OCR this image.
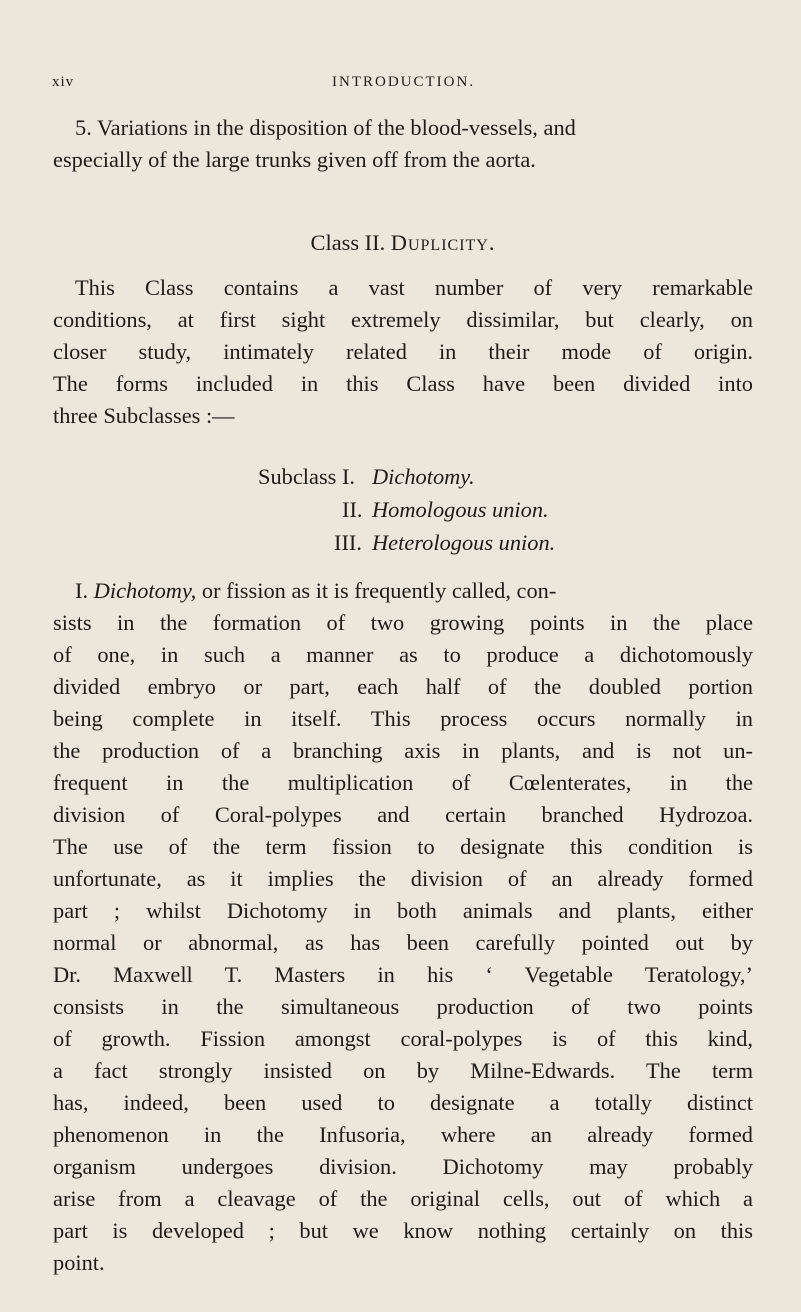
xiv	INTRODUCTION.
5. Variations in the disposition of the blood-vessels, and
especially of the large trunks given off from the aorta.
Class II. Duplicity.
This Class contains a vast number of very remarkable
conditions, at first sight extremely dissimilar, but clearly, on
closer study, intimately related in their mode of origin.
The forms included in this Class have been divided into
three Subclasses :—
Subclass I. Dichotomy.
II. Homologous union.
III. Heterologous union.
I. Dichotomy, or fission as it is frequently called, con-
sists in the formation of two growing points in the place
of one, in such a manner as to produce a dichotomously
divided embryo or part, each half of the doubled portion
being complete in itself. This process occurs normally in
the production of a branching axis in plants, and is not un-
frequent in the multiplication of Cœlenterates, in the
division of Coral-polypes and certain branched Hydrozoa.
The use of the term fission to designate this condition is
unfortunate, as it implies the division of an already formed
part ; whilst Dichotomy in both animals and plants, either
normal or abnormal, as has been carefully pointed out by
Dr. Maxwell T. Masters in his ‘ Vegetable Teratology,’
consists in the simultaneous production of two points
of growth. Fission amongst coral-polypes is of this kind,
a fact strongly insisted on by Milne-Edwards. The term
has, indeed, been used to designate a totally distinct
phenomenon in the Infusoria, where an already formed
organism undergoes division. Dichotomy may probably
arise from a cleavage of the original cells, out of which a
part is developed ; but we know nothing certainly on this
point.
